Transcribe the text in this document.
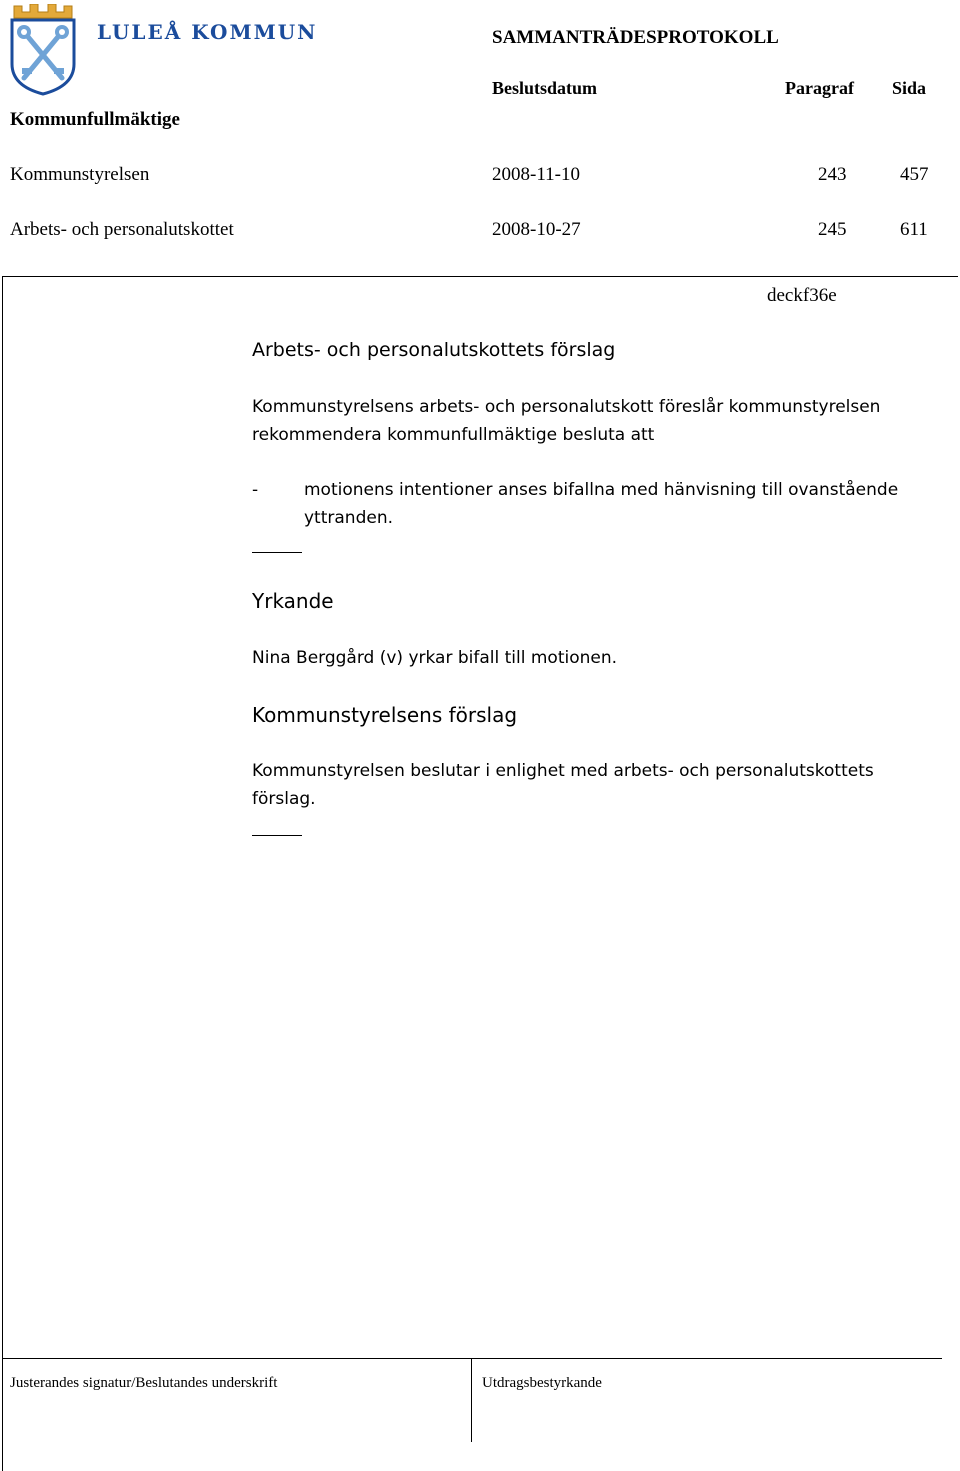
LULEÅ KOMMUN	SAMMANTRÄDESPROTOKOLL
Beslutsdatum	Paragraf Sida
Kommunfullmäktige
Kommunstyrelsen	2008-11-10	243	457
Arbets- och personalutskottet	2008-10-27	245	611
deckf36e
Arbets- och personalutskottets förslag
Kommunstyrelsens arbets- och personalutskott föreslår kommunstyrelsen
rekommendera kommunfullmäktige besluta att
-	motionens intentioner anses bifallna med hänvisning till ovanstående
yttranden.
Yrkande
Nina Berggård (v) yrkar bifall till motionen.
Kommunstyrelsens förslag
Kommunstyrelsen beslutar i enlighet med arbets- och personalutskottets
förslag.
Justerandes signatur/Beslutandes underskrift	Utdragsbestyrkande
